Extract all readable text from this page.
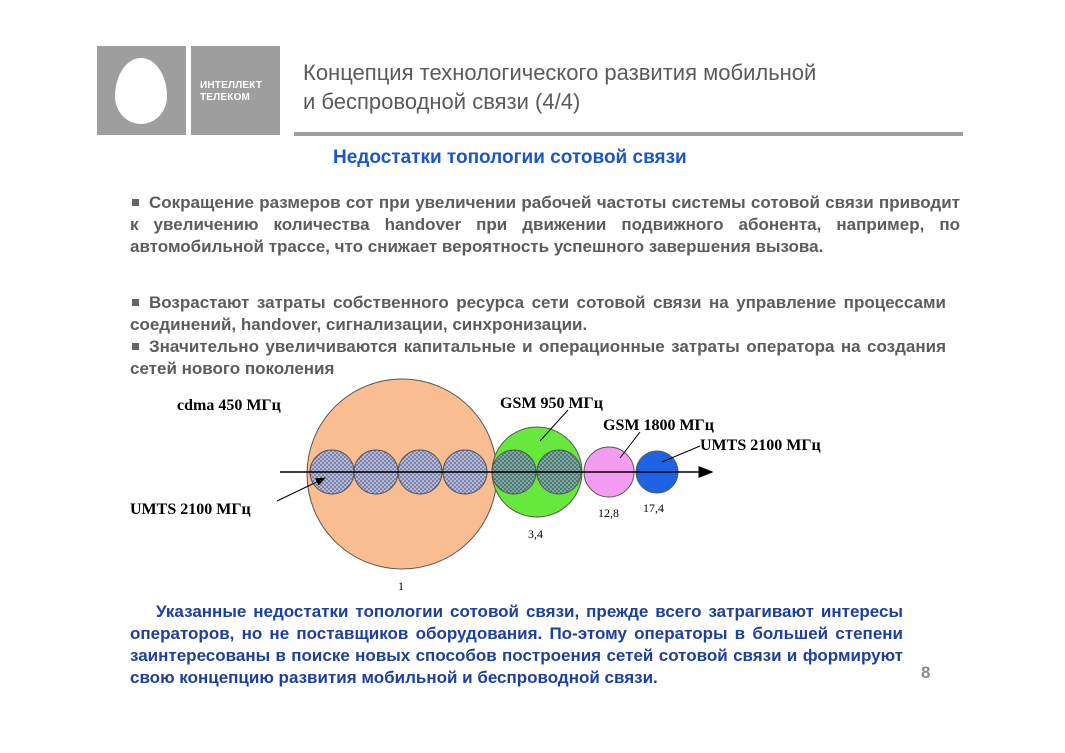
ИНТЕЛЛЕКТ
ТЕЛЕКОМ
Концепция технологического развития мобильной
и беспроводной связи (4/4)
Недостатки топологии сотовой связи

Сокращение размеров сот при увеличении рабочей частоты системы сотовой связи приводит к увеличению количества handover при движении подвижного абонента, например, по автомобильной трассе, что снижает вероятность успешного завершения вызова.

Возрастают затраты собственного ресурса сети сотовой связи на управление процессами соединений, handover, сигнализации, синхронизации.

Значительно увеличиваются капитальные и операционные затраты оператора на создания сетей нового поколения

cdma 450 МГц	GSM 950 МГц
GSM 1800 МГц
UMTS 2100 МГц
UMTS 2100 МГц
1
3,4
12,8 17,4

Указанные недостатки топологии сотовой связи, прежде всего затрагивают интересы операторов, но не поставщиков оборудования. По-этому операторы в большей степени заинтересованы в поиске новых способов построения сетей сотовой связи и формируют свою концепцию развития мобильной и беспроводной связи.	8
